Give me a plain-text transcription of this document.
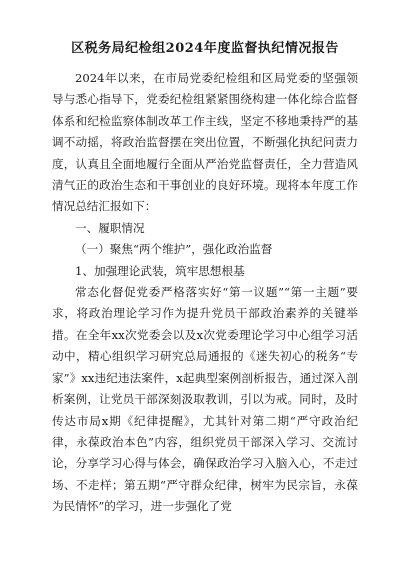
区税务局纪检组2024年度监督执纪情况报告

2024年以来，在市局党委纪检组和区局党委的坚强领导与悉心指导下，党委纪检组紧紧围绕构建一体化综合监督体系和纪检监察体制改革工作主线，坚定不移地秉持严的基调不动摇，将政治监督摆在突出位置，不断强化执纪问责力度，认真且全面地履行全面从严治党监督责任，全力营造风清气正的政治生态和干事创业的良好环境。现将本年度工作情况总结汇报如下：

一、履职情况

（一）聚焦“两个维护”，强化政治监督

1、加强理论武装，筑牢思想根基

常态化督促党委严格落实好“第一议题”“第一主题”要求，将政治理论学习作为提升党员干部政治素养的关键举措。在全年xx次党委会以及x次党委理论学习中心组学习活动中，精心组织学习研究总局通报的《迷失初心的税务“专家”》xx违纪违法案件，x起典型案例剖析报告，通过深入剖析案例，让党员干部深刻汲取教训，引以为戒。同时，及时传达市局x期《纪律提醒》，尤其针对第二期“严守政治纪律，永葆政治本色”内容，组织党员干部深入学习、交流讨论，分享学习心得与体会，确保政治学习入脑入心，不走过场、不走样；第五期“严守群众纪律，树牢为民宗旨，永葆为民情怀”的学习，进一步强化了党
